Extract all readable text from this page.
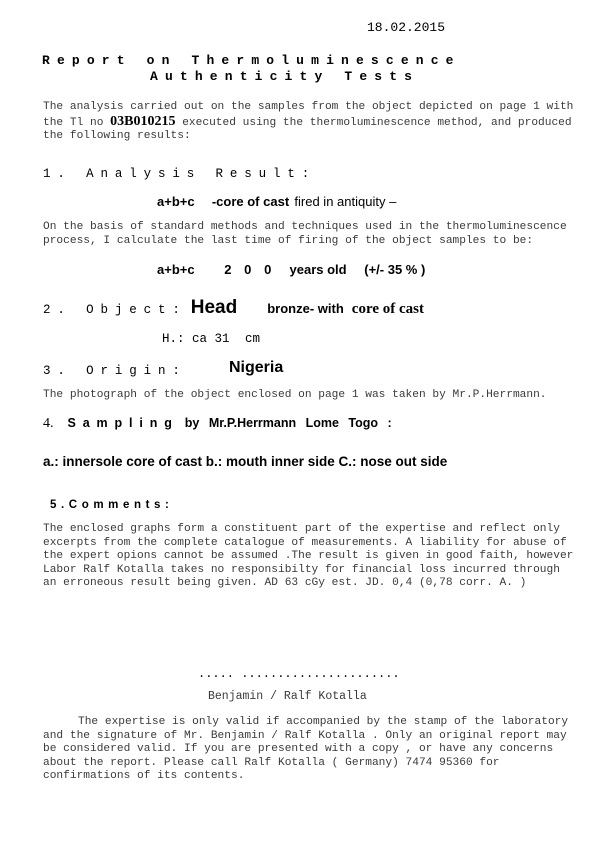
18.02.2015
Report on Thermoluminescence
Authenticity Tests
The analysis carried out on the samples from the object depicted on page 1 with the Tl no 03B010215 executed using the thermoluminescence method, and produced the following results:
1. Analysis Result:
a+b+c -core of cast fired in antiquity –
On the basis of standard methods and techniques used in the thermoluminescence process, I calculate the last time of firing of the object samples to be:
a+b+c 2 0 0 years old (+/- 35 % )
2. Object: Head bronze- with core of cast
H.: ca 31 cm
3. Origin:	Nigeria
The photograph of the object enclosed on page 1 was taken by Mr.P.Herrmann.
4. Sampling by Mr.P.Herrmann Lome Togo :
a.: innersole core of cast b.: mouth inner side C.: nose out side
5.Comments:
The enclosed graphs form a constituent part of the expertise and reflect only excerpts from the complete catalogue of measurements. A liability for abuse of the expert opions cannot be assumed .The result is given in good faith, however Labor Ralf Kotalla takes no responsibilty for financial loss incurred through an erroneous result being given. AD 63 cGy est. JD. 0,4 (0,78 corr. A. )
..... ......................
Benjamin / Ralf Kotalla
The expertise is only valid if accompanied by the stamp of the laboratory and the signature of Mr. Benjamin / Ralf Kotalla . Only an original report may be considered valid. If you are presented with a copy , or have any concerns about the report. Please call Ralf Kotalla ( Germany) 7474 95360 for confirmations of its contents.
